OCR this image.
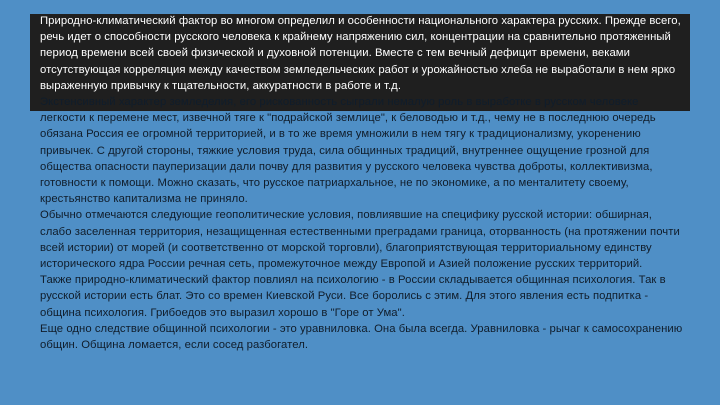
Природно-климатический фактор во многом определил и особенности национального характера русских. Прежде всего, речь идет о способности русского человека к крайнему напряжению сил, концентрации на сравнительно протяженный период времени всей своей физической и духовной потенции. Вместе с тем вечный дефицит времени, веками отсутствующая корреляция между качеством земледельческих работ и урожайностью хлеба не выработали в нем ярко выраженную привычку к тщательности, аккуратности в работе и т.д.

Экстенсивный характер земледелия, его рискованность сыграли немалую роль в выработке в русском человеке легкости к перемене мест, извечной тяге к "подрайской землице", к беловодью и т.д., чему не в последнюю очередь обязана Россия ее огромной территорией, и в то же время умножили в нем тягу к традиционализму, укоренению привычек. С другой стороны, тяжкие условия труда, сила общинных традиций, внутреннее ощущение грозной для общества опасности пауперизации дали почву для развития у русского человека чувства доброты, коллективизма, готовности к помощи. Можно сказать, что русское патриархальное, не по экономике, а по менталитету своему, крестьянство капитализма не приняло.

Обычно отмечаются следующие геополитические условия, повлиявшие на специфику русской истории: обширная, слабо заселенная территория, незащищенная естественными преградами граница, оторванность (на протяжении почти всей истории) от морей (и соответственно от морской торговли), благоприятствующая территориальному единству исторического ядра России речная сеть, промежуточное между Европой и Азией положение русских территорий.

Также природно-климатический фактор повлиял на психологию - в России складывается общинная психология. Так в русской истории есть блат. Это со времен Киевской Руси. Все боролись с этим. Для этого явления есть подпитка - община психология. Грибоедов это выразил хорошо в "Горе от Ума".

Еще одно следствие общинной психологии - это уравниловка. Она была всегда. Уравниловка - рычаг к самосохранению общин. Община ломается, если сосед разбогател.
